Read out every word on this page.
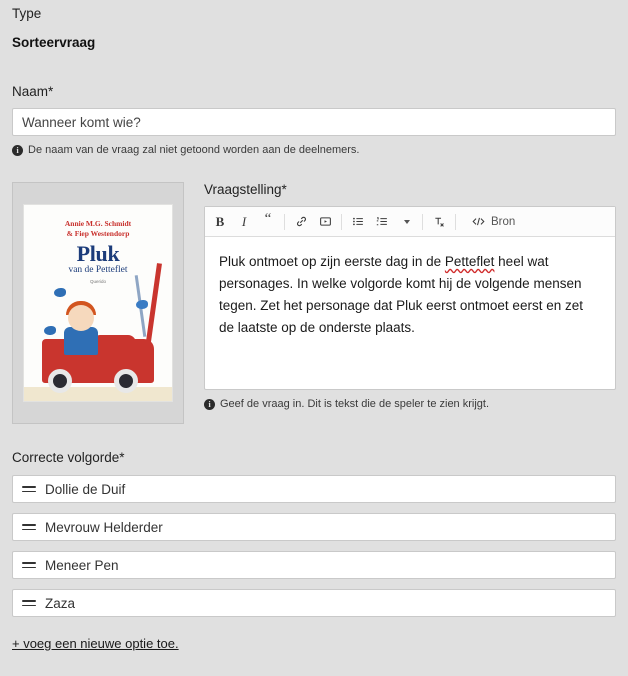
Type
Sorteervraag
Naam*
Wanneer komt wie?
i De naam van de vraag zal niet getoond worden aan de deelnemers.
Annie M.G. Schmidt
& Fiep Westendorp
Pluk
van de Petteflet
Querido
Vraagstelling*
B	I	“	Bron
Pluk ontmoet op zijn eerste dag in de Petteflet heel wat personages. In welke volgorde komt hij de volgende mensen tegen. Zet het personage dat Pluk eerst ontmoet eerst en zet de laatste op de onderste plaats.
i Geef de vraag in. Dit is tekst die de speler te zien krijgt.
Correcte volgorde*
Dollie de Duif
Mevrouw Helderder
Meneer Pen
Zaza
+ voeg een nieuwe optie toe.
